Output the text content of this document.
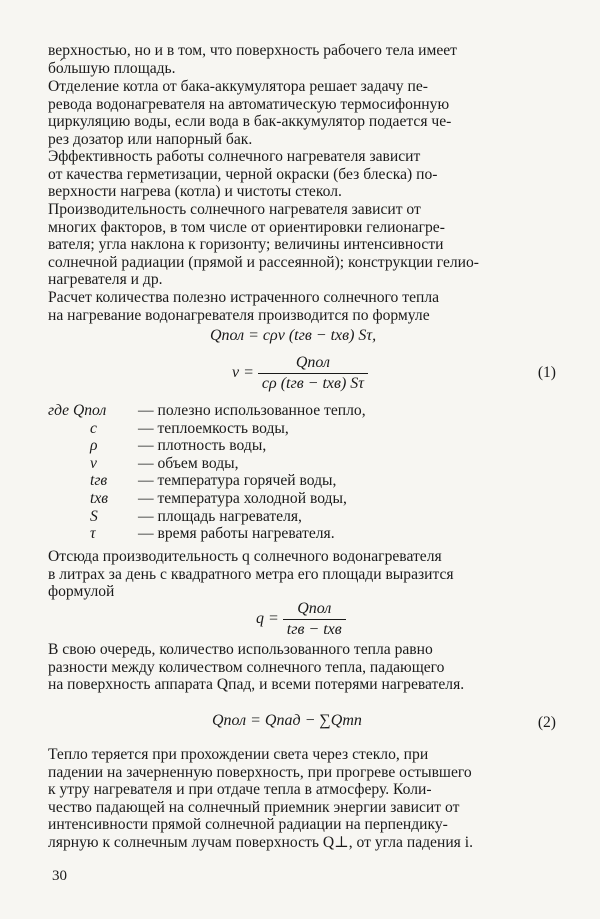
верхностью, но и в том, что поверхность рабочего тела имеет
бо́льшую площадь.

Отделение котла от бака-аккумулятора решает задачу пе-
ревода водонагревателя на автоматическую термосифонную
циркуляцию воды, если вода в бак-аккумулятор подается че-
рез дозатор или напорный бак.

Эффективность работы солнечного нагревателя зависит
от качества герметизации, черной окраски (без блеска) по-
верхности нагрева (котла) и чистоты стекол.

Производительность солнечного нагревателя зависит от
многих факторов, в том числе от ориентировки гелионагре-
вателя; угла наклона к горизонту; величины интенсивности
солнечной радиации (прямой и рассеянной); конструкции гелио-
нагревателя и др.

Расчет количества полезно истраченного солнечного тепла
на нагревание водонагревателя производится по формуле

Qпол = cρv (tгв − tхв) Sτ,
$v = \frac{\text{Qпол}}{\text{cρ (tгв − tхв) Sτ}}$	(1)
где Qпол	— полезно использованное тепло,
c	— теплоемкость воды,
ρ	— плотность воды,
v	— объем воды,
tгв	— температура горячей воды,
tхв	— температура холодной воды,
S	— площадь нагревателя,
τ	— время работы нагревателя.

Отсюда производительность q солнечного водонагревателя
в литрах за день с квадратного метра его площади выразится
формулой

$q = \frac{\text{Qпол}}{\text{tгв − tхв}}$

В свою очередь, количество использованного тепла равно
разности между количеством солнечного тепла, падающего
на поверхность аппарата Qпад, и всеми потерями нагревателя.

Qпол = Qпад − ∑Qтп	(2)

Тепло теряется при прохождении света через стекло, при
падении на зачерненную поверхность, при прогреве остывшего
к утру нагревателя и при отдаче тепла в атмосферу. Коли-
чество падающей на солнечный приемник энергии зависит от
интенсивности прямой солнечной радиации на перпендику-
лярную к солнечным лучам поверхность Q⊥, от угла падения i.

30
